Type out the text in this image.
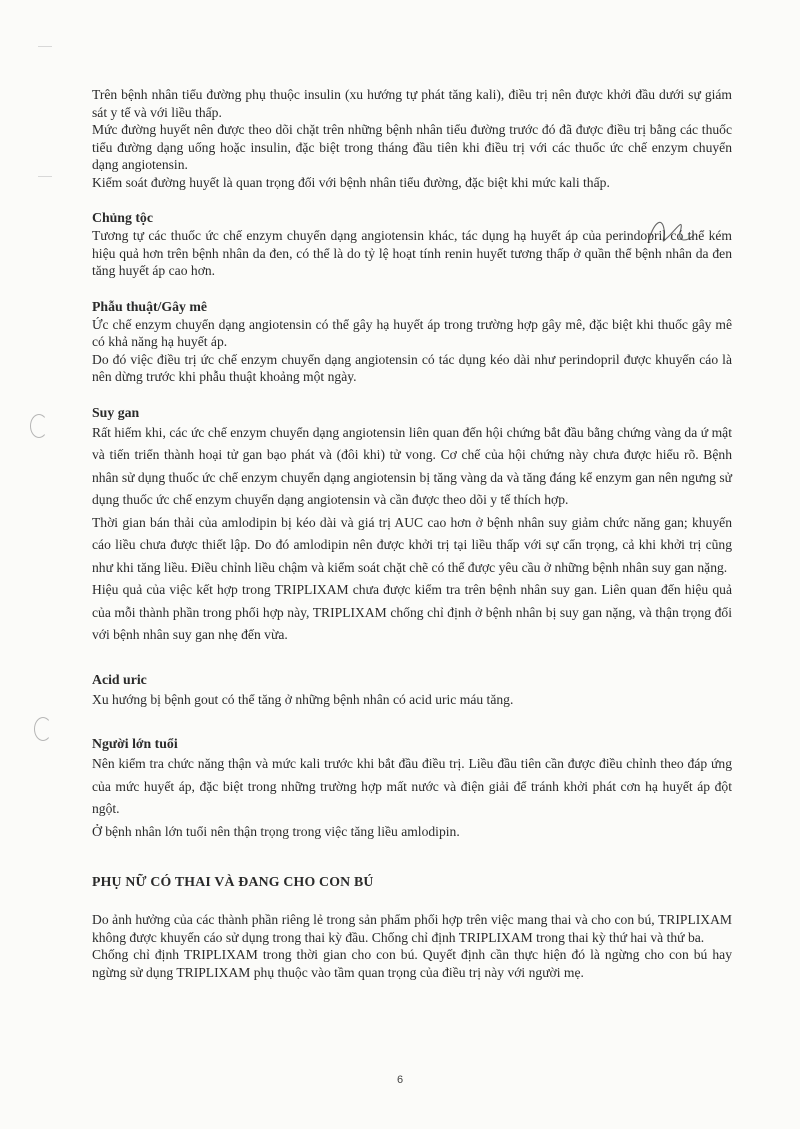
Trên bệnh nhân tiểu đường phụ thuộc insulin (xu hướng tự phát tăng kali), điều trị nên được khởi đầu dưới sự giám sát y tế và với liều thấp.

Mức đường huyết nên được theo dõi chặt trên những bệnh nhân tiểu đường trước đó đã được điều trị bằng các thuốc tiểu đường dạng uống hoặc insulin, đặc biệt trong tháng đầu tiên khi điều trị với các thuốc ức chế enzym chuyển dạng angiotensin.

Kiểm soát đường huyết là quan trọng đối với bệnh nhân tiểu đường, đặc biệt khi mức kali thấp.

Chủng tộc

Tương tự các thuốc ức chế enzym chuyển dạng angiotensin khác, tác dụng hạ huyết áp của perindopril có thể kém hiệu quả hơn trên bệnh nhân da đen, có thể là do tỷ lệ hoạt tính renin huyết tương thấp ở quần thể bệnh nhân da đen tăng huyết áp cao hơn.

Phẫu thuật/Gây mê

Ức chế enzym chuyển dạng angiotensin có thể gây hạ huyết áp trong trường hợp gây mê, đặc biệt khi thuốc gây mê có khả năng hạ huyết áp.

Do đó việc điều trị ức chế enzym chuyển dạng angiotensin có tác dụng kéo dài như perindopril được khuyến cáo là nên dừng trước khi phẫu thuật khoảng một ngày.

Suy gan

Rất hiếm khi, các ức chế enzym chuyển dạng angiotensin liên quan đến hội chứng bắt đầu bằng chứng vàng da ứ mật và tiến triển thành hoại tử gan bạo phát và (đôi khi) tử vong. Cơ chế của hội chứng này chưa được hiểu rõ. Bệnh nhân sử dụng thuốc ức chế enzym chuyển dạng angiotensin bị tăng vàng da và tăng đáng kể enzym gan nên ngưng sử dụng thuốc ức chế enzym chuyển dạng angiotensin và cần được theo dõi y tế thích hợp.

Thời gian bán thải của amlodipin bị kéo dài và giá trị AUC cao hơn ở bệnh nhân suy giảm chức năng gan; khuyến cáo liều chưa được thiết lập. Do đó amlodipin nên được khởi trị tại liều thấp với sự cẩn trọng, cả khi khởi trị cũng như khi tăng liều. Điều chỉnh liều chậm và kiểm soát chặt chẽ có thể được yêu cầu ở những bệnh nhân suy gan nặng.

Hiệu quả của việc kết hợp trong TRIPLIXAM chưa được kiểm tra trên bệnh nhân suy gan. Liên quan đến hiệu quả của mỗi thành phần trong phối hợp này, TRIPLIXAM chống chỉ định ở bệnh nhân bị suy gan nặng, và thận trọng đối với bệnh nhân suy gan nhẹ đến vừa.

Acid uric

Xu hướng bị bệnh gout có thể tăng ở những bệnh nhân có acid uric máu tăng.

Người lớn tuổi

Nên kiểm tra chức năng thận và mức kali trước khi bắt đầu điều trị. Liều đầu tiên cần được điều chỉnh theo đáp ứng của mức huyết áp, đặc biệt trong những trường hợp mất nước và điện giải để tránh khởi phát cơn hạ huyết áp đột ngột.

Ở bệnh nhân lớn tuổi nên thận trọng trong việc tăng liều amlodipin.

PHỤ NỮ CÓ THAI VÀ ĐANG CHO CON BÚ

Do ảnh hưởng của các thành phần riêng lẻ trong sản phẩm phối hợp trên việc mang thai và cho con bú, TRIPLIXAM không được khuyến cáo sử dụng trong thai kỳ đầu. Chống chỉ định TRIPLIXAM trong thai kỳ thứ hai và thứ ba.

Chống chỉ định TRIPLIXAM trong thời gian cho con bú. Quyết định cần thực hiện đó là ngừng cho con bú hay ngừng sử dụng TRIPLIXAM phụ thuộc vào tầm quan trọng của điều trị này với người mẹ.

6
